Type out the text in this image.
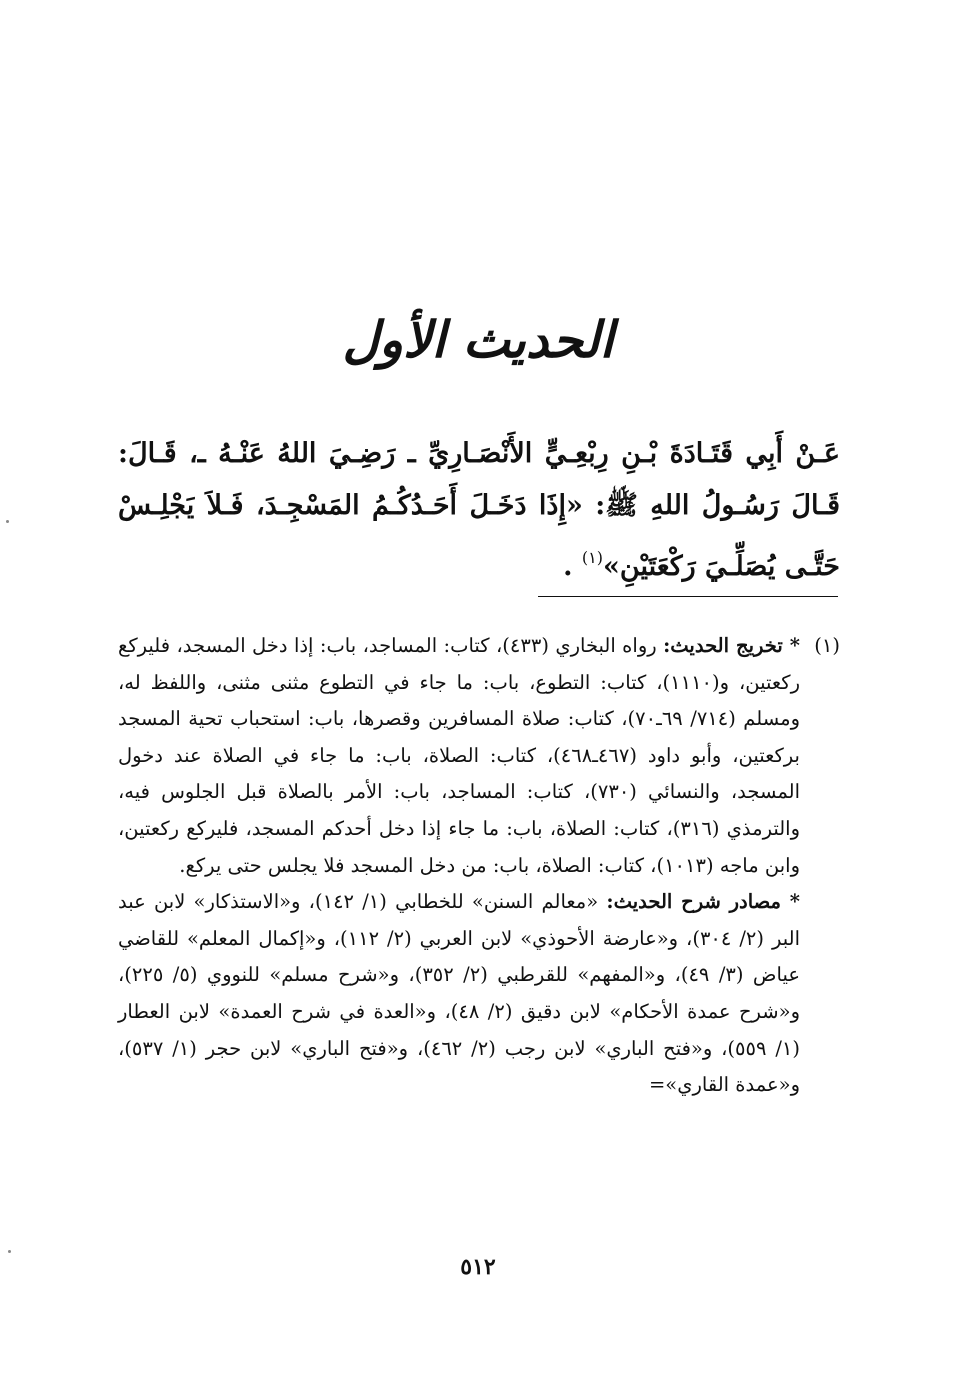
الحديث الأول
عَـنْ أَبِي قَتَـادَةَ بْـنِ رِبْعِـيٍّ الأَنْصَـارِيِّ ـ رَضِـيَ اللهُ عَنْـهُ ـ، قَـالَ: قَـالَ رَسُـولُ اللهِ ﷺ: «إِذَا دَخَـلَ أَحَـدُكُـمُ المَسْجِـدَ، فَـلاَ يَجْلِـسْ حَتَّـى يُصَلِّـيَ رَكْعَتَيْنِ»$^{(١)}$ .
(١)

* تخريج الحديث: رواه البخاري (٤٣٣)، كتاب: المساجد، باب: إذا دخل المسجد، فليركع ركعتين، و(١١١٠)، كتاب: التطوع، باب: ما جاء في التطوع مثنى مثنى، واللفظ له، ومسلم (٧١٤/ ٦٩ـ٧٠)، كتاب: صلاة المسافرين وقصرها، باب: استحباب تحية المسجد بركعتين، وأبو داود (٤٦٧ـ٤٦٨)، كتاب: الصلاة، باب: ما جاء في الصلاة عند دخول المسجد، والنسائي (٧٣٠)، كتاب: المساجد، باب: الأمر بالصلاة قبل الجلوس فيه، والترمذي (٣١٦)، كتاب: الصلاة، باب: ما جاء إذا دخل أحدكم المسجد، فليركع ركعتين، وابن ماجه (١٠١٣)، كتاب: الصلاة، باب: من دخل المسجد فلا يجلس حتى يركع.

* مصادر شرح الحديث: «معالم السنن» للخطابي (١/ ١٤٢)، و«الاستذكار» لابن عبد البر (٢/ ٣٠٤)، و«عارضة الأحوذي» لابن العربي (٢/ ١١٢)، و«إكمال المعلم» للقاضي عياض (٣/ ٤٩)، و«المفهم» للقرطبي (٢/ ٣٥٢)، و«شرح مسلم» للنووي (٥/ ٢٢٥)، و«شرح عمدة الأحكام» لابن دقيق (٢/ ٤٨)، و«العدة في شرح العمدة» لابن العطار (١/ ٥٥٩)، و«فتح الباري» لابن رجب (٢/ ٤٦٢)، و«فتح الباري» لابن حجر (١/ ٥٣٧)، و«عمدة القاري»=

٥١٢
